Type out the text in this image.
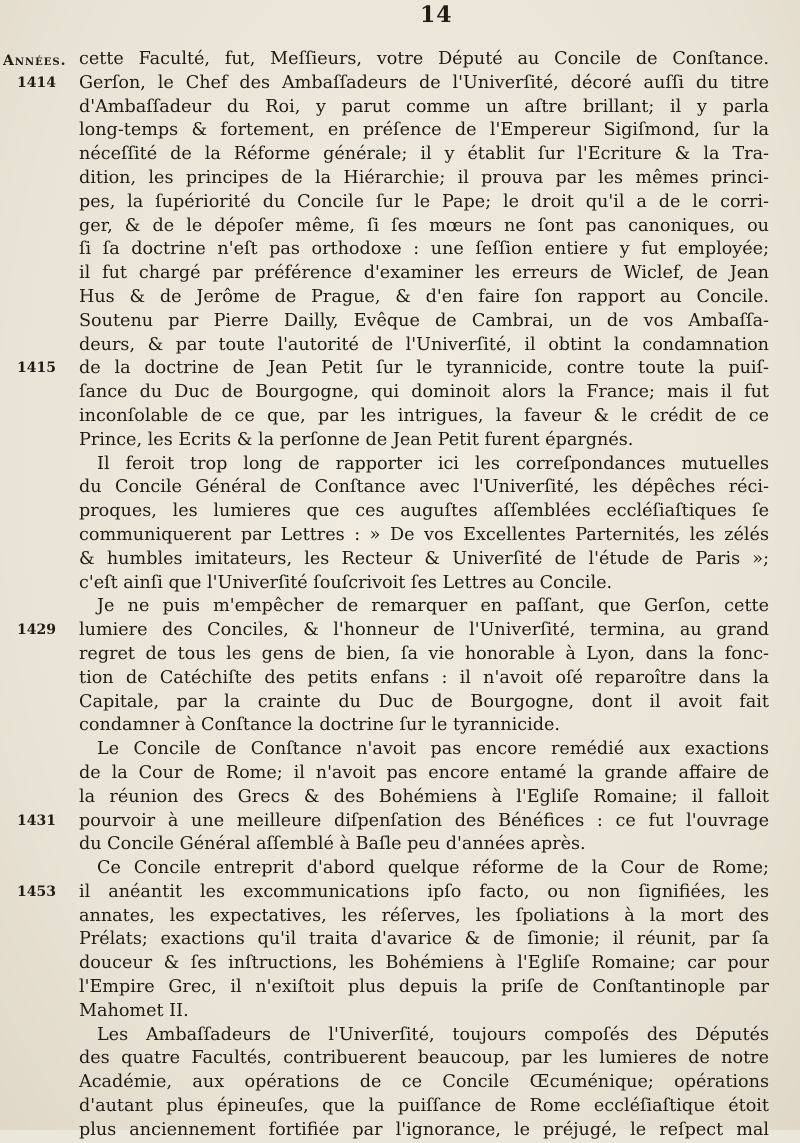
14
Années.
1414
1415
1429
1431
1453
cette Faculté, fut, Meſſieurs, votre Député au Concile de Conſtance.
Gerſon, le Chef des Ambaſſadeurs de l'Univerſité, décoré auſſi du titre
d'Ambaſſadeur du Roi, y parut comme un aſtre brillant; il y parla
long-temps & fortement, en préſence de l'Empereur Sigiſmond, ſur la
néceſſité de la Réforme générale; il y établit ſur l'Ecriture & la Tra-
dition, les principes de la Hiérarchie; il prouva par les mêmes princi-
pes, la ſupériorité du Concile ſur le Pape; le droit qu'il a de le corri-
ger, & de le dépoſer même, ſi ſes mœurs ne ſont pas canoniques, ou
ſi ſa doctrine n'eſt pas orthodoxe : une ſeſſion entiere y fut employée;
il fut chargé par préférence d'examiner les erreurs de Wiclef, de Jean
Hus & de Jerôme de Prague, & d'en faire ſon rapport au Concile.
Soutenu par Pierre Dailly, Evêque de Cambrai, un de vos Ambaſſa-
deurs, & par toute l'autorité de l'Univerſité, il obtint la condamnation
de la doctrine de Jean Petit ſur le tyrannicide, contre toute la puiſ-
ſance du Duc de Bourgogne, qui dominoit alors la France; mais il fut
inconſolable de ce que, par les intrigues, la faveur & le crédit de ce
Prince, les Ecrits & la perſonne de Jean Petit furent épargnés.
Il feroit trop long de rapporter ici les correſpondances mutuelles
du Concile Général de Conſtance avec l'Univerſité, les dépêches réci-
proques, les lumieres que ces auguſtes aſſemblées eccléſiaſtiques ſe
communiquerent par Lettres : » De vos Excellentes Parternités, les zélés
& humbles imitateurs, les Recteur & Univerſité de l'étude de Paris »;
c'eſt ainſi que l'Univerſité ſouſcrivoit ſes Lettres au Concile.
Je ne puis m'empêcher de remarquer en paſſant, que Gerſon, cette
lumiere des Conciles, & l'honneur de l'Univerſité, termina, au grand
regret de tous les gens de bien, ſa vie honorable à Lyon, dans la fonc-
tion de Catéchiſte des petits enfans : il n'avoit oſé reparoître dans la
Capitale, par la crainte du Duc de Bourgogne, dont il avoit fait
condamner à Conſtance la doctrine ſur le tyrannicide.
Le Concile de Conſtance n'avoit pas encore remédié aux exactions
de la Cour de Rome; il n'avoit pas encore entamé la grande affaire de
la réunion des Grecs & des Bohémiens à l'Egliſe Romaine; il falloit
pourvoir à une meilleure diſpenſation des Bénéfices : ce fut l'ouvrage
du Concile Général aſſemblé à Baſle peu d'années après.
Ce Concile entreprit d'abord quelque réforme de la Cour de Rome;
il anéantit les excommunications ipſo facto, ou non ſignifiées, les
annates, les expectatives, les réſerves, les ſpoliations à la mort des
Prélats; exactions qu'il traita d'avarice & de ſimonie; il réunit, par ſa
douceur & ſes inſtructions, les Bohémiens à l'Egliſe Romaine; car pour
l'Empire Grec, il n'exiſtoit plus depuis la priſe de Conſtantinople par
Mahomet II.
Les Ambaſſadeurs de l'Univerſité, toujours compoſés des Députés
des quatre Facultés, contribuerent beaucoup, par les lumieres de notre
Académie, aux opérations de ce Concile Œcuménique; opérations
d'autant plus épineuſes, que la puiſſance de Rome eccléſiaſtique étoit
plus anciennement fortifiée par l'ignorance, le préjugé, le reſpect mal
